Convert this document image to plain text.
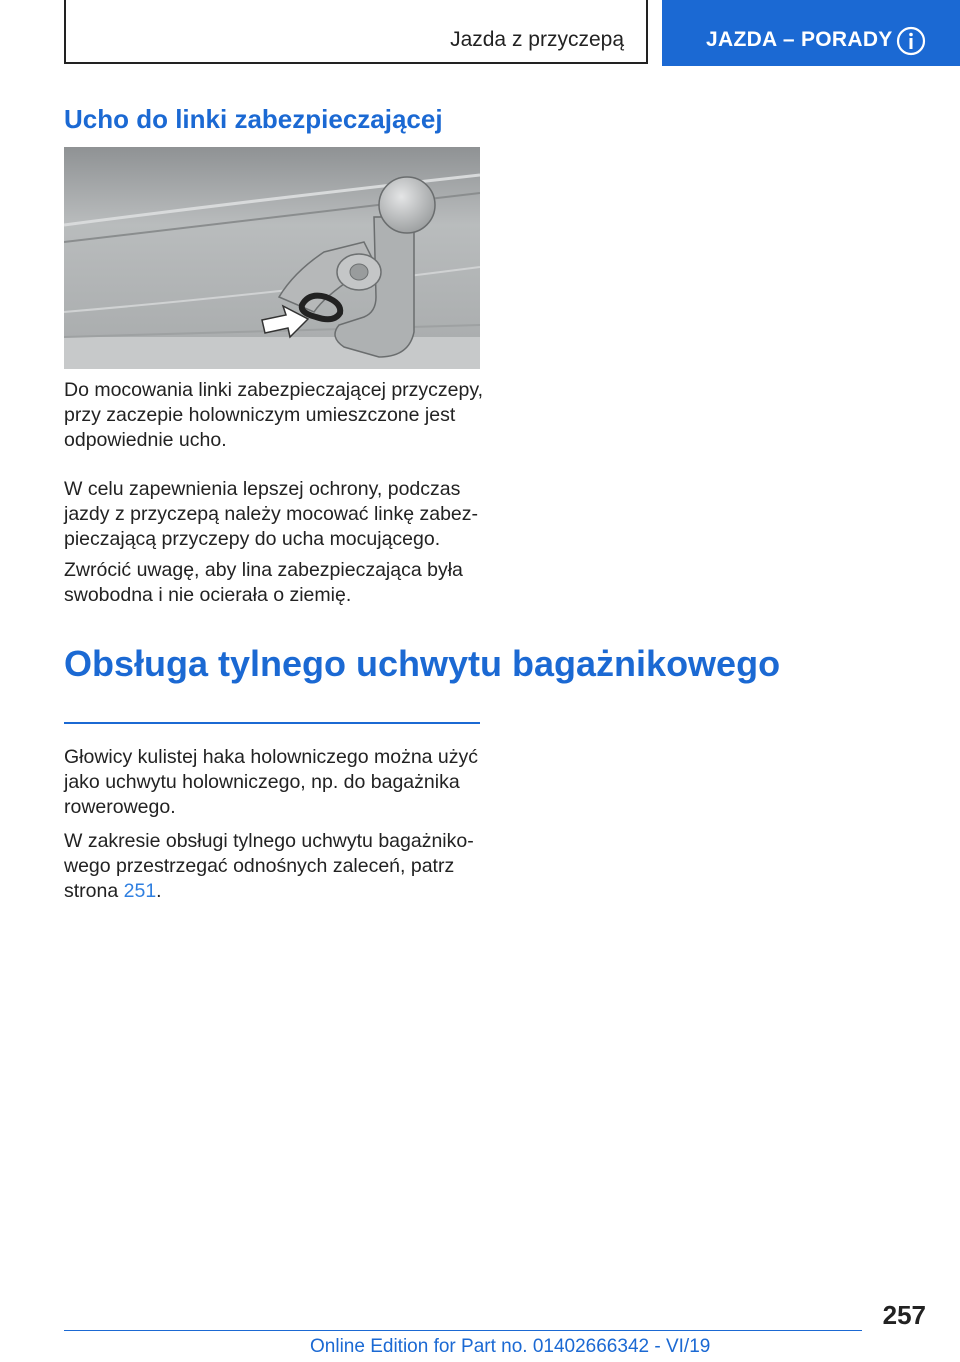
Jazda z przyczepą	JAZDA – PORADY
Ucho do linki zabezpieczającej

Do mocowania linki zabezpieczającej przyczepy, przy zaczepie holowniczym umieszczone jest odpowiednie ucho.

W celu zapewnienia lepszej ochrony, podczas jazdy z przyczepą należy mocować linkę zabezpieczającą przyczepy do ucha mocującego.

Zwrócić uwagę, aby lina zabezpieczająca była swobodna i nie ocierała o ziemię.

Obsługa tylnego uchwytu bagażnikowego

Głowicy kulistej haka holowniczego można użyć jako uchwytu holowniczego, np. do bagażnika rowerowego.

W zakresie obsługi tylnego uchwytu bagażnikowego przestrzegać odnośnych zaleceń, patrz strona 251.

257
Online Edition for Part no. 01402666342 - VI/19
